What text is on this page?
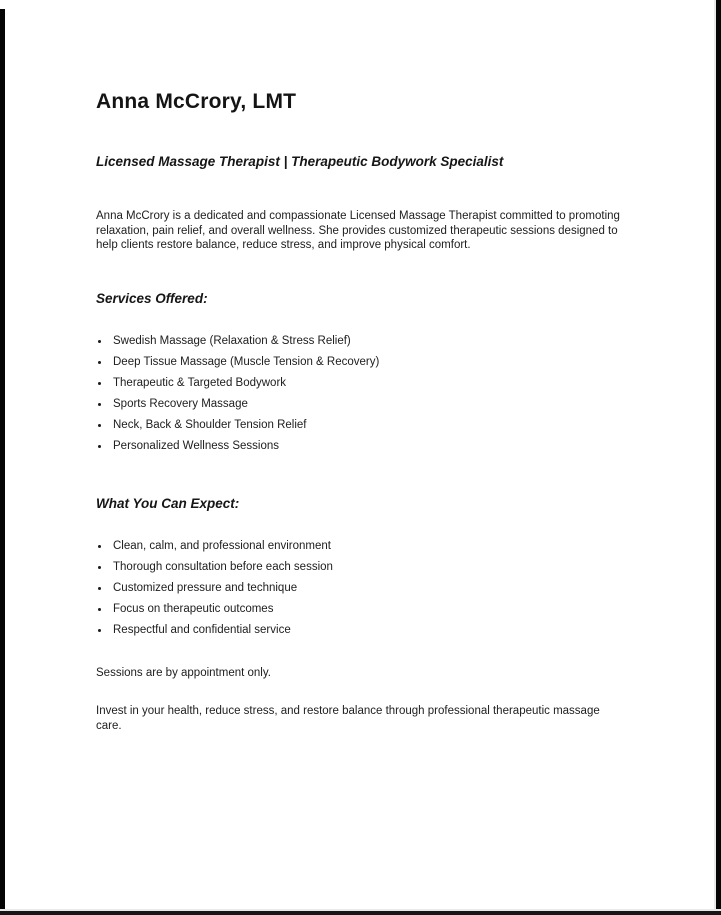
Anna McCrory, LMT
Licensed Massage Therapist | Therapeutic Bodywork Specialist

Anna McCrory is a dedicated and compassionate Licensed Massage Therapist committed to promoting relaxation, pain relief, and overall wellness. She provides customized therapeutic sessions designed to help clients restore balance, reduce stress, and improve physical comfort.

Services Offered:
Swedish Massage (Relaxation & Stress Relief)
Deep Tissue Massage (Muscle Tension & Recovery)
Therapeutic & Targeted Bodywork
Sports Recovery Massage
Neck, Back & Shoulder Tension Relief
Personalized Wellness Sessions
What You Can Expect:
Clean, calm, and professional environment
Thorough consultation before each session
Customized pressure and technique
Focus on therapeutic outcomes
Respectful and confidential service

Sessions are by appointment only.

Invest in your health, reduce stress, and restore balance through professional therapeutic massage care.
